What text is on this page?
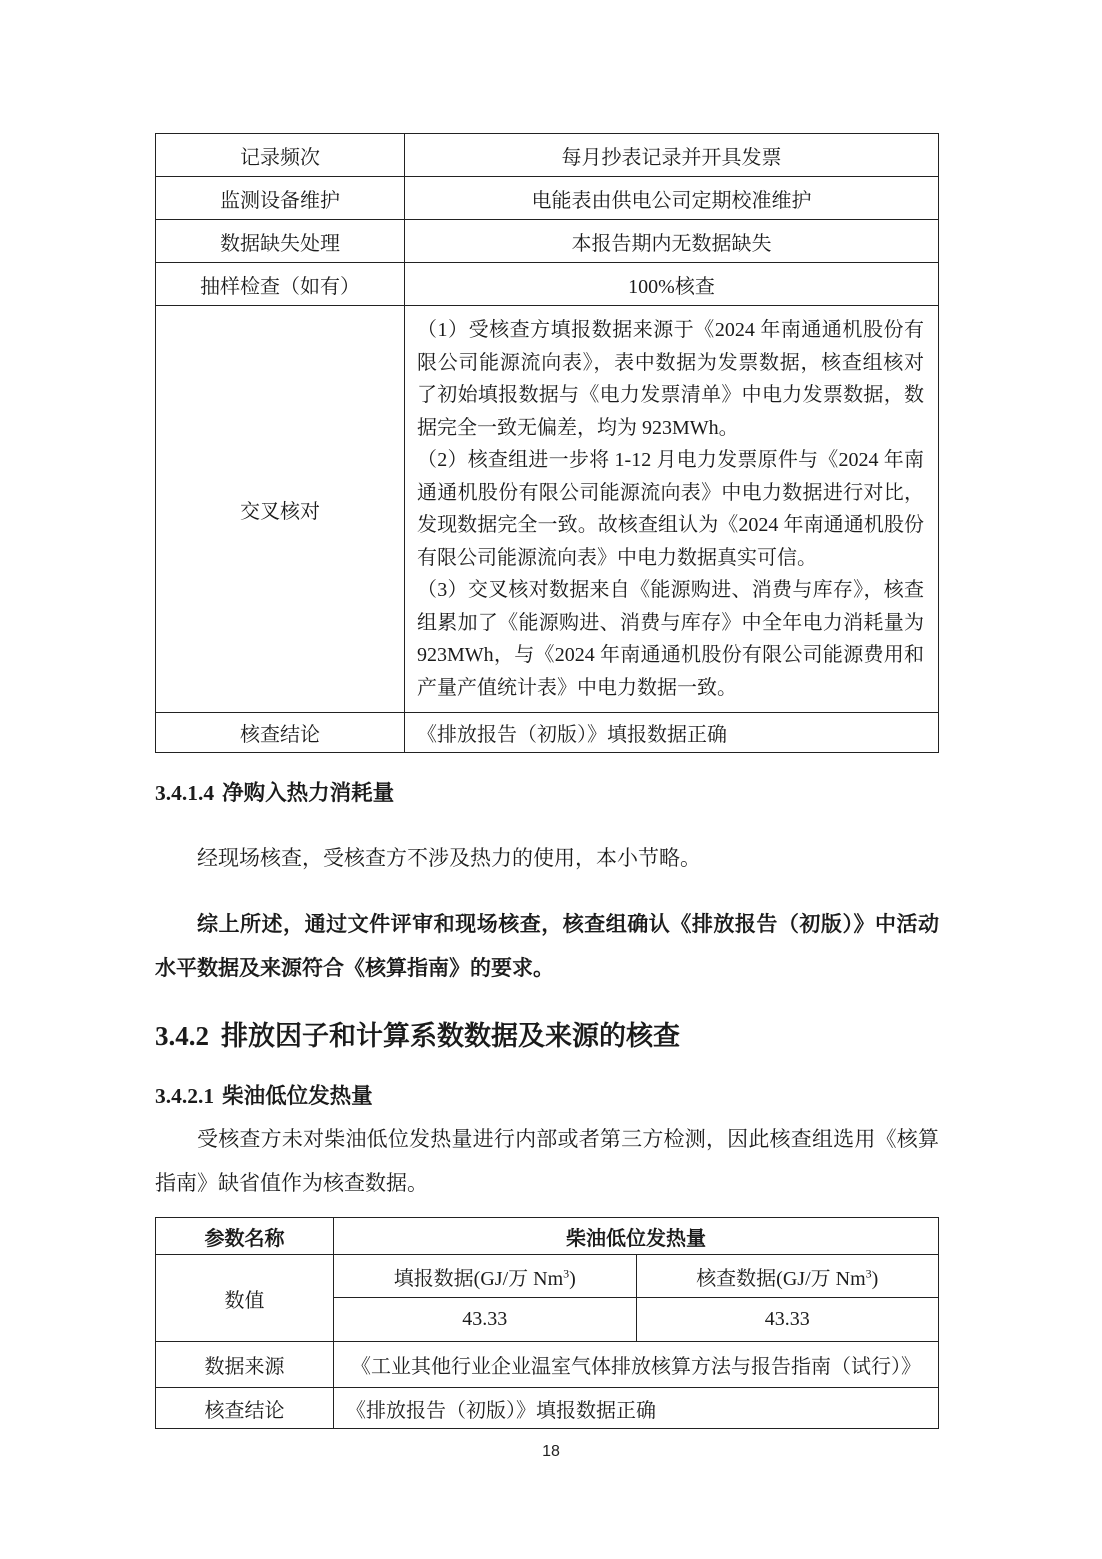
记录频次	每月抄表记录并开具发票
监测设备维护	电能表由供电公司定期校准维护
数据缺失处理	本报告期内无数据缺失
抽样检查（如有）	100%核查
交叉核对	（1）受核查方填报数据来源于《2024 年南通通机股份有限公司能源流向表》，表中数据为发票数据，核查组核对了初始填报数据与《电力发票清单》中电力发票数据，数据完全一致无偏差，均为 923MWh。

（2）核查组进一步将 1-12 月电力发票原件与《2024 年南通通机股份有限公司能源流向表》中电力数据进行对比，发现数据完全一致。故核查组认为《2024 年南通通机股份有限公司能源流向表》中电力数据真实可信。

（3）交叉核对数据来自《能源购进、消费与库存》，核查组累加了《能源购进、消费与库存》中全年电力消耗量为 923MWh，与《2024 年南通通机股份有限公司能源费用和产量产值统计表》中电力数据一致。

核查结论	《排放报告（初版）》填报数据正确
3.4.1.4 净购入热力消耗量

经现场核查，受核查方不涉及热力的使用，本小节略。

综上所述，通过文件评审和现场核查，核查组确认《排放报告（初版）》中活动水平数据及来源符合《核算指南》的要求。

3.4.2 排放因子和计算系数数据及来源的核查
3.4.2.1 柴油低位发热量

受核查方未对柴油低位发热量进行内部或者第三方检测，因此核查组选用《核算指南》缺省值作为核查数据。

参数名称	柴油低位发热量	
数值	填报数据(GJ/万 Nm$^3$)	核查数据(GJ/万 Nm$^3$)
	43.33	43.33
数据来源	《工业其他行业企业温室气体排放核算方法与报告指南（试行）》	
核查结论	《排放报告（初版）》填报数据正确	
18
